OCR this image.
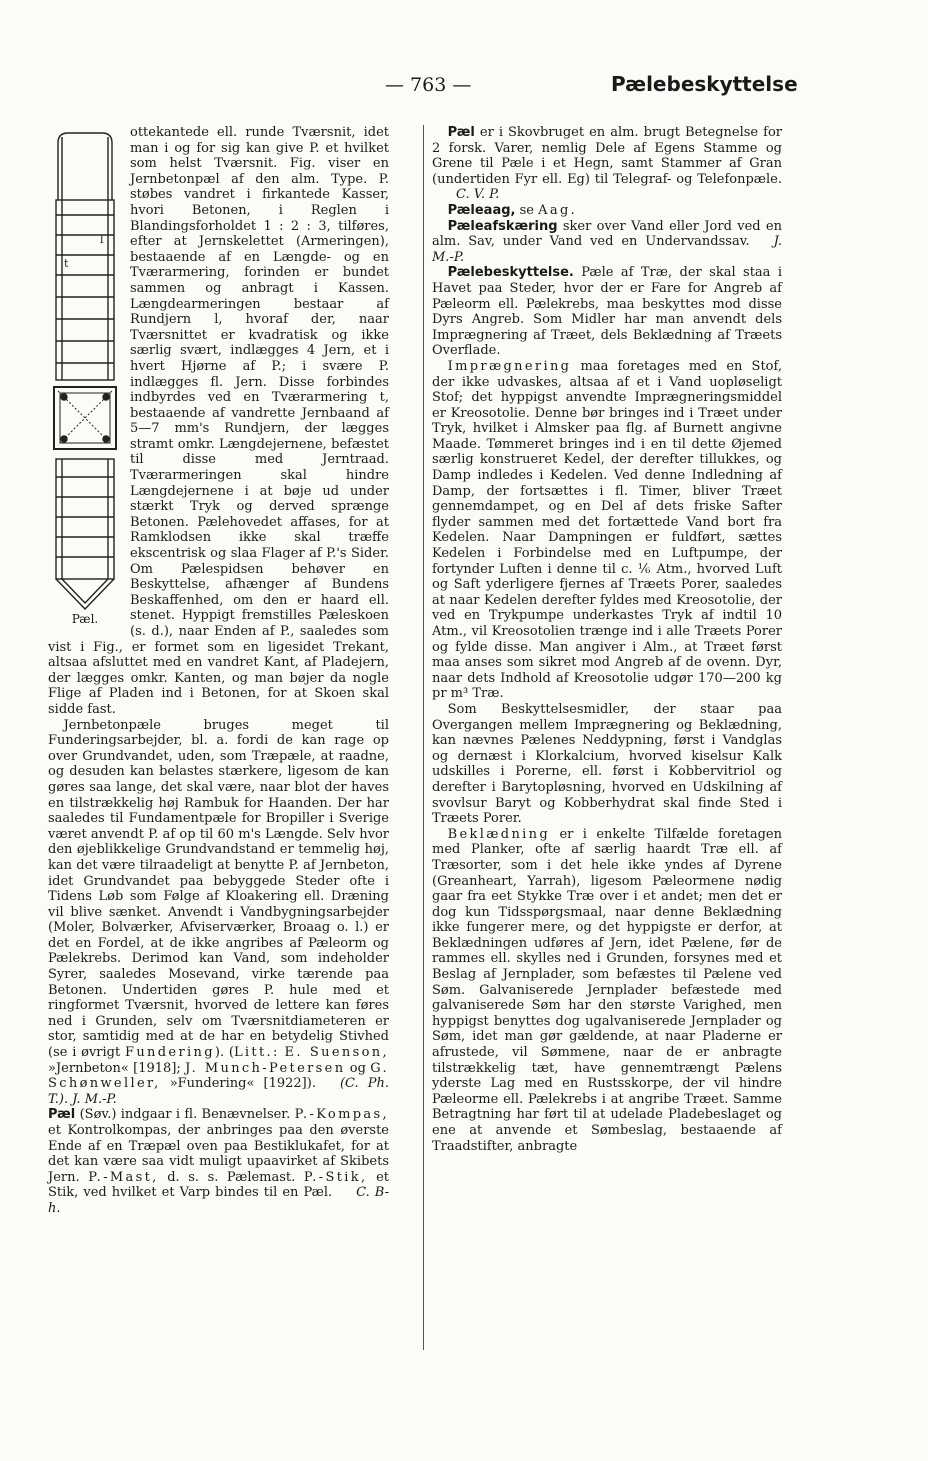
— 763 —	Pælebeskyttelse
l
t
Pæl.

ottekantede ell. runde Tværsnit, idet man i og for sig kan give P. et hvilket som helst Tværsnit. Fig. viser en Jernbetonpæl af den alm. Type. P. støbes vandret i firkantede Kasser, hvori Betonen, i Reglen i Blandingsforholdet 1 : 2 : 3, tilføres, efter at Jernskelettet (Armeringen), bestaaende af en Længde- og en Tværarmering, forinden er bundet sammen og anbragt i Kassen. Længdearmeringen bestaar af Rundjern l, hvoraf der, naar Tværsnittet er kvadratisk og ikke særlig svært, indlægges 4 Jern, et i hvert Hjørne af P.; i svære P. indlægges fl. Jern. Disse forbindes indbyrdes ved en Tværarmering t, bestaaende af vandrette Jernbaand af 5—7 mm's Rundjern, der lægges stramt omkr. Længdejernene, befæstet til disse med Jerntraad. Tværarmeringen skal hindre Længdejernene i at bøje ud under stærkt Tryk og derved sprænge Betonen. Pælehovedet affases, for at Ramklodsen ikke skal træffe ekscentrisk og slaa Flager af P.'s Sider. Om Pælespidsen behøver en Beskyttelse, afhænger af Bundens Beskaffenhed, om den er haard ell. stenet. Hyppigt fremstilles Pæleskoen (s. d.), naar Enden af P., saaledes som vist i Fig., er formet som en ligesidet Trekant, altsaa afsluttet med en vandret Kant, af Pladejern, der lægges omkr. Kanten, og man bøjer da nogle Flige af Pladen ind i Betonen, for at Skoen skal sidde fast.

Jernbetonpæle bruges meget til Funderingsarbejder, bl. a. fordi de kan rage op over Grundvandet, uden, som Træpæle, at raadne, og desuden kan belastes stærkere, ligesom de kan gøres saa lange, det skal være, naar blot der haves en tilstrækkelig høj Rambuk for Haanden. Der har saaledes til Fundamentpæle for Bropiller i Sverige været anvendt P. af op til 60 m's Længde. Selv hvor den øjeblikkelige Grundvandstand er temmelig høj, kan det være tilraadeligt at benytte P. af Jernbeton, idet Grundvandet paa bebyggede Steder ofte i Tidens Løb som Følge af Kloakering ell. Dræning vil blive sænket. Anvendt i Vandbygningsarbejder (Moler, Bolværker, Afviserværker, Broaag o. l.) er det en Fordel, at de ikke angribes af Pæleorm og Pælekrebs. Derimod kan Vand, som indeholder Syrer, saaledes Mosevand, virke tærende paa Betonen. Undertiden gøres P. hule med et ringformet Tværsnit, hvorved de lettere kan føres ned i Grunden, selv om Tværsnitdiameteren er stor, samtidig med at de har en betydelig Stivhed (se i øvrigt Fundering). (Litt.: E. Suenson, »Jernbeton« [1918]; J. Munch-Petersen og G. Schønweller, »Fundering« [1922]). (C. Ph. T.). J. M.-P.

Pæl (Søv.) indgaar i fl. Benævnelser. P.-Kompas, et Kontrolkompas, der anbringes paa den øverste Ende af en Træpæl oven paa Bestiklukafet, for at det kan være saa vidt muligt upaavirket af Skibets Jern. P.-Mast, d. s. s. Pælemast. P.-Stik, et Stik, ved hvilket et Varp bindes til en Pæl. C. B-h.

Pæl er i Skovbruget en alm. brugt Betegnelse for 2 forsk. Varer, nemlig Dele af Egens Stamme og Grene til Pæle i et Hegn, samt Stammer af Gran (undertiden Fyr ell. Eg) til Telegraf- og Telefonpæle.C. V. P.

Pæleaag, se Aag.

Pæleafskæring sker over Vand eller Jord ved en alm. Sav, under Vand ved en Undervandssav. J. M.-P.

Pælebeskyttelse. Pæle af Træ, der skal staa i Havet paa Steder, hvor der er Fare for Angreb af Pæleorm ell. Pælekrebs, maa beskyttes mod disse Dyrs Angreb. Som Midler har man anvendt dels Imprægnering af Træet, dels Beklædning af Træets Overflade.

Imprægnering maa foretages med en Stof, der ikke udvaskes, altsaa af et i Vand uopløseligt Stof; det hyppigst anvendte Imprægneringsmiddel er Kreosotolie. Denne bør bringes ind i Træet under Tryk, hvilket i Almsker paa flg. af Burnett angivne Maade. Tømmeret bringes ind i en til dette Øjemed særlig konstrueret Kedel, der derefter tillukkes, og Damp indledes i Kedelen. Ved denne Indledning af Damp, der fortsættes i fl. Timer, bliver Træet gennemdampet, og en Del af dets friske Safter flyder sammen med det fortættede Vand bort fra Kedelen. Naar Dampningen er fuldført, sættes Kedelen i Forbindelse med en Luftpumpe, der fortynder Luften i denne til c. ⅙ Atm., hvorved Luft og Saft yderligere fjernes af Træets Porer, saaledes at naar Kedelen derefter fyldes med Kreosotolie, der ved en Trykpumpe underkastes Tryk af indtil 10 Atm., vil Kreosotolien trænge ind i alle Træets Porer og fylde disse. Man angiver i Alm., at Træet først maa anses som sikret mod Angreb af de ovenn. Dyr, naar dets Indhold af Kreosotolie udgør 170—200 kg pr m³ Træ.

Som Beskyttelsesmidler, der staar paa Overgangen mellem Imprægnering og Beklædning, kan nævnes Pælenes Neddypning, først i Vandglas og dernæst i Klorkalcium, hvorved kiselsur Kalk udskilles i Porerne, ell. først i Kobbervitriol og derefter i Barytopløsning, hvorved en Udskilning af svovlsur Baryt og Kobberhydrat skal finde Sted i Træets Porer.

Beklædning er i enkelte Tilfælde foretagen med Planker, ofte af særlig haardt Træ ell. af Træsorter, som i det hele ikke yndes af Dyrene (Greanheart, Yarrah), ligesom Pæleormene nødig gaar fra eet Stykke Træ over i et andet; men det er dog kun Tidsspørgsmaal, naar denne Beklædning ikke fungerer mere, og det hyppigste er derfor, at Beklædningen udføres af Jern, idet Pælene, før de rammes ell. skylles ned i Grunden, forsynes med et Beslag af Jernplader, som befæstes til Pælene ved Søm. Galvaniserede Jernplader befæstede med galvaniserede Søm har den største Varighed, men hyppigst benyttes dog ugalvaniserede Jernplader og Søm, idet man gør gældende, at naar Pladerne er afrustede, vil Sømmene, naar de er anbragte tilstrækkelig tæt, have gennemtrængt Pælens yderste Lag med en Rustsskorpe, der vil hindre Pæleorme ell. Pælekrebs i at angribe Træet. Samme Betragtning har ført til at udelade Pladebeslaget og ene at anvende et Sømbeslag, bestaaende af Traadstifter, anbragte
